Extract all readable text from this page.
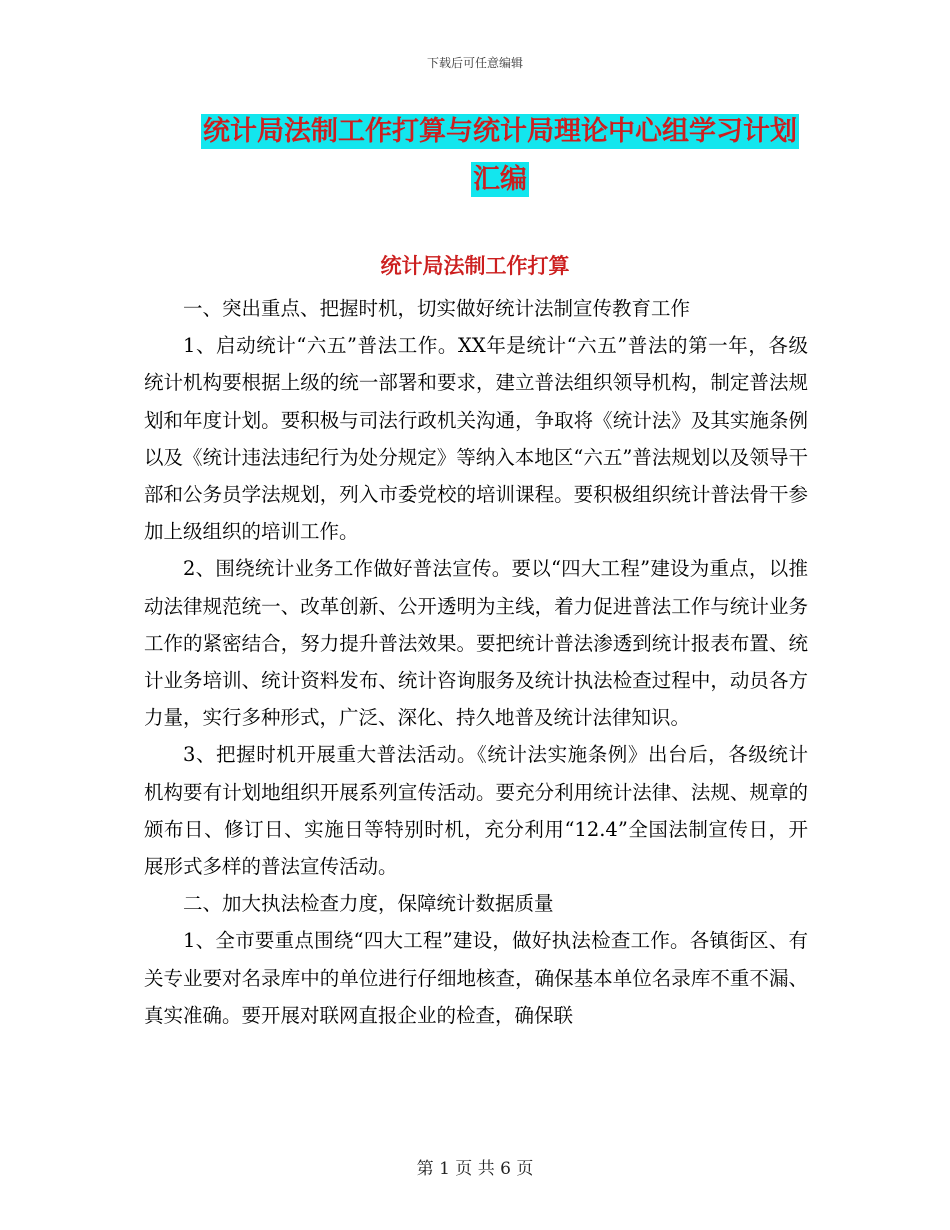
下载后可任意编辑
统计局法制工作打算与统计局理论中心组学习计划汇编
统计局法制工作打算

一、突出重点、把握时机，切实做好统计法制宣传教育工作

1、启动统计“六五”普法工作。XX年是统计“六五”普法的第一年，各级统计机构要根据上级的统一部署和要求，建立普法组织领导机构，制定普法规划和年度计划。要积极与司法行政机关沟通，争取将《统计法》及其实施条例以及《统计违法违纪行为处分规定》等纳入本地区“六五”普法规划以及领导干部和公务员学法规划，列入市委党校的培训课程。要积极组织统计普法骨干参加上级组织的培训工作。

2、围绕统计业务工作做好普法宣传。要以“四大工程”建设为重点，以推动法律规范统一、改革创新、公开透明为主线，着力促进普法工作与统计业务工作的紧密结合，努力提升普法效果。要把统计普法渗透到统计报表布置、统计业务培训、统计资料发布、统计咨询服务及统计执法检查过程中，动员各方力量，实行多种形式，广泛、深化、持久地普及统计法律知识。

3、把握时机开展重大普法活动。《统计法实施条例》出台后，各级统计机构要有计划地组织开展系列宣传活动。要充分利用统计法律、法规、规章的颁布日、修订日、实施日等特别时机，充分利用“12.4”全国法制宣传日，开展形式多样的普法宣传活动。

二、加大执法检查力度，保障统计数据质量

1、全市要重点围绕“四大工程”建设，做好执法检查工作。各镇街区、有关专业要对名录库中的单位进行仔细地核查，确保基本单位名录库不重不漏、真实准确。要开展对联网直报企业的检查，确保联

第 1 页 共 6 页
